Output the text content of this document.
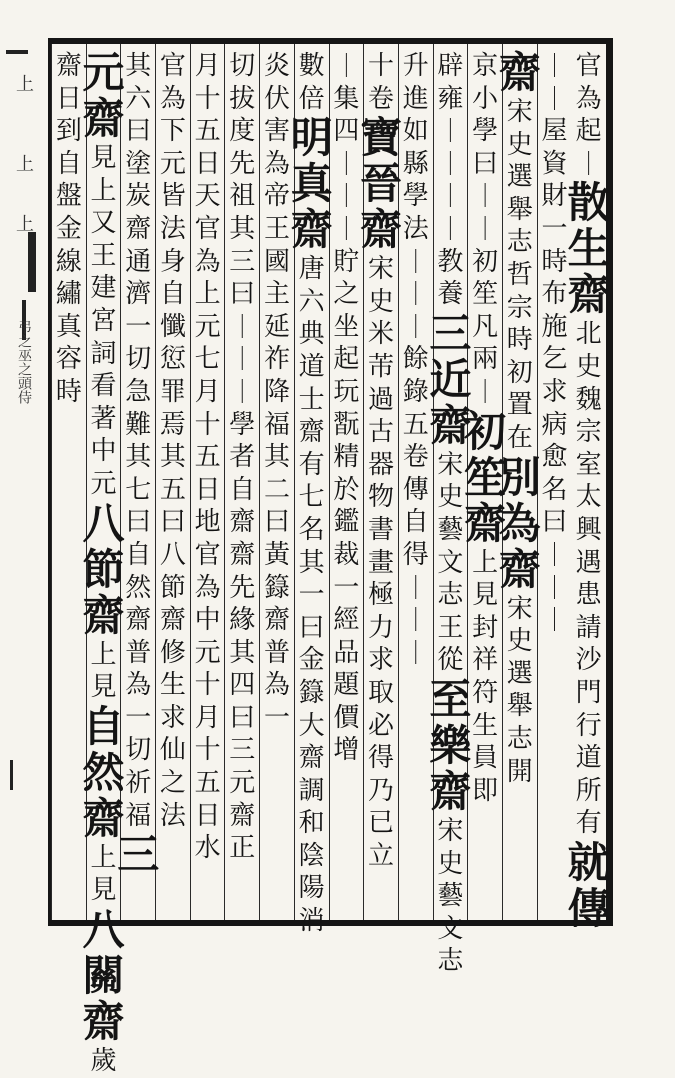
上
上
上
弔之巫之頭侍
官
為
起
｜
散
生
齋
北
史
魏
宗
室
太
興
遇
患
請
沙
門
行
道
所
有
就
傳
｜
｜
屋
資
財
一
時
布
施
乞
求
病
愈
名
曰
｜
｜
｜
齋
宋
史
選
舉
志
哲
宗
時
初
置
在
別
為
齋
宋
史
選
舉
志
開
京
小
學
曰
｜
｜
初
笙
凡
兩
｜
初
笙
齋
上
見
封
祥
符
生
員
即
辟
雍
｜
｜
｜
｜
教
養
三
近
齋
宋
史
藝
文
志
王
從
至
樂
齋
宋
史
藝
文
志
升
進
如
縣
學
法
｜
｜
｜
餘
錄
五
卷
傳
自
得
｜
｜
｜
十
卷
寶
晉
齋
宋
史
米
芾
過
古
器
物
書
畫
極
力
求
取
必
得
乃
已
立
｜
集
四
｜
｜
｜
貯
之
坐
起
玩
翫
精
於
鑑
裁
一
經
品
題
價
增
數
倍
明
真
齋
唐
六
典
道
士
齋
有
七
名
其
一
曰
金
籙
大
齋
調
和
陰
陽
消
炎
伏
害
為
帝
王
國
主
延
祚
降
福
其
二
曰
黃
籙
齋
普
為
一
切
拔
度
先
祖
其
三
曰
｜
｜
｜
學
者
自
齋
齋
先
緣
其
四
曰
三
元
齋
正
月
十
五
日
天
官
為
上
元
七
月
十
五
日
地
官
為
中
元
十
月
十
五
日
水
官
為
下
元
皆
法
身
自
懺
愆
罪
焉
其
五
曰
八
節
齋
修
生
求
仙
之
法
其
六
曰
塗
炭
齋
通
濟
一
切
急
難
其
七
曰
自
然
齋
普
為
一
切
祈
福
三
元
齋
見
上
又
王
建
宮
詞
看
著
中
元
八
節
齋
上
見
自
然
齋
上
見
八
關
齋
歲
齋
日
到
自
盤
金
線
繡
真
容
時
